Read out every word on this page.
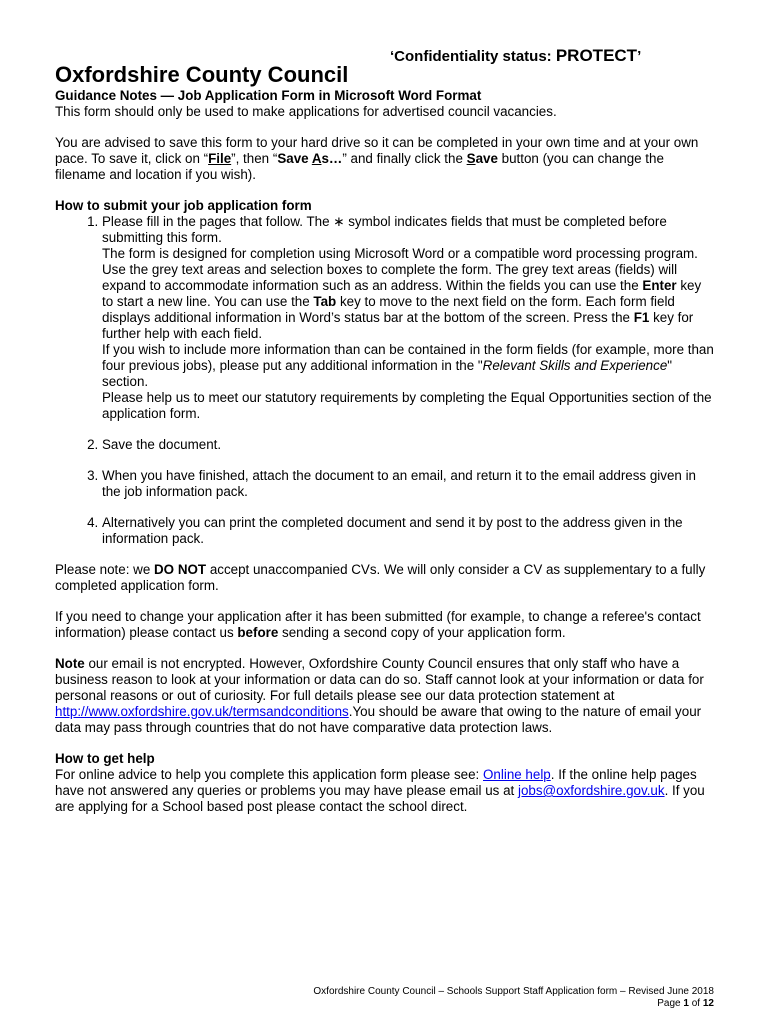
‘Confidentiality status: PROTECT’
Oxfordshire County Council

Guidance Notes — Job Application Form in Microsoft Word Format

This form should only be used to make applications for advertised council vacancies.

You are advised to save this form to your hard drive so it can be completed in your own time and at your own pace. To save it, click on “File”, then “Save As…” and finally click the Save button (you can change the filename and location if you wish).

How to submit your job application form

1. Please fill in the pages that follow. The ∗ symbol indicates fields that must be completed before submitting this form.

The form is designed for completion using Microsoft Word or a compatible word processing program.

Use the grey text areas and selection boxes to complete the form. The grey text areas (fields) will expand to accommodate information such as an address. Within the fields you can use the Enter key to start a new line. You can use the Tab key to move to the next field on the form. Each form field displays additional information in Word’s status bar at the bottom of the screen. Press the F1 key for further help with each field.

If you wish to include more information than can be contained in the form fields (for example, more than four previous jobs), please put any additional information in the "Relevant Skills and Experience" section.

Please help us to meet our statutory requirements by completing the Equal Opportunities section of the application form.

2. Save the document.
3. When you have finished, attach the document to an email, and return it to the email address given in the job information pack.
4. Alternatively you can print the completed document and send it by post to the address given in the information pack.

Please note: we DO NOT accept unaccompanied CVs. We will only consider a CV as supplementary to a fully completed application form.

If you need to change your application after it has been submitted (for example, to change a referee's contact information) please contact us before sending a second copy of your application form.

Note our email is not encrypted. However, Oxfordshire County Council ensures that only staff who have a business reason to look at your information or data can do so. Staff cannot look at your information or data for personal reasons or out of curiosity. For full details please see our data protection statement at http://www.oxfordshire.gov.uk/termsandconditions.You should be aware that owing to the nature of email your data may pass through countries that do not have comparative data protection laws.

How to get help

For online advice to help you complete this application form please see: Online help. If the online help pages have not answered any queries or problems you may have please email us at jobs@oxfordshire.gov.uk. If you are applying for a School based post please contact the school direct.

Oxfordshire County Council – Schools Support Staff Application form – Revised June 2018
Page 1 of 12
